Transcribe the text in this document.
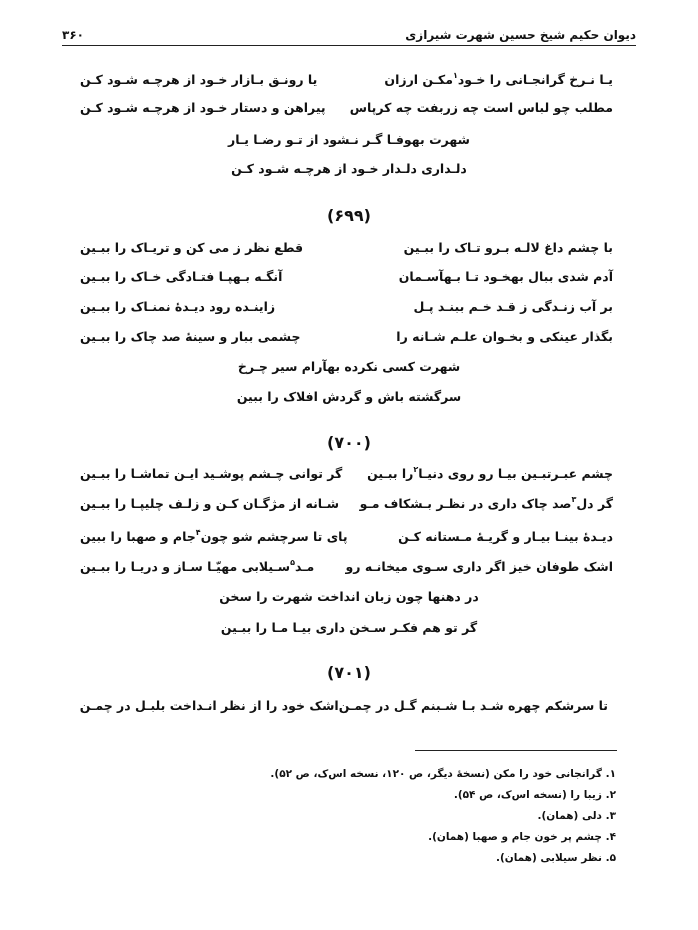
دیوان حکیم شیخ حسین شهرت شیرازی
۳۶۰
یـا نـرخ گرانجـانی را خـود$^۱$مکـن ارزان
یا رونـق بـازار خـود از هرچـه شـود کـن
مطلب چو لباس است چه زربفت چه کرپاس
پیراهن و دستار خـود از هرچـه شـود کـن
شهرت بهوفـا گـر نـشود از تـو رضـا یـار
دلـداری دلـدار خـود از هرچـه شـود کـن
(۶۹۹)
با چشم داغ لالـه بـرو تـاک را ببـین
قطع نظر ز می کن و تریـاک را ببـین
آدم شدی ببال بهخـود تـا بـهآسـمان
آنگـه بـهپـا فتـادگی خـاک را ببـین
بر آب زنـدگی ز قـد خـم ببنـد پـل
زاینـده رود دیـدهٔ نمنـاک را ببـین
بگذار عینکی و بخـوان علـم شـانه را
چشمی ببار و سینهٔ صد چاک را ببـین
شهرت کسی نکرده بهآرام سیر چـرخ
سرگشته باش و گردش افلاک را ببین
(۷۰۰)
چشم عبـرتبـین بیـا رو روی دنیـا$^۲$را ببـین
گر توانی چـشم پوشـید ایـن تماشـا را ببـین
گر دل$^۳$صد چاک داری در نظـر بـشکاف مـو
شـانه از مژگـان کـن و زلـف چلیپـا را ببـین
دیـدهٔ بینـا بیـار و گریـهٔ مـستانه کـن
پای تا سرچشم شو چون$^۴$جام و صهبا را ببین
اشک طوفان خیز اگر داری سـوی میخانـه رو
مـد$^۵$سـیلابی مهیّـا سـاز و دریـا را ببـین
در دهنها چون زبان انداخت شهرت را سخن
گر تو هم فکـر سـخن داری بیـا مـا را ببـین
(۷۰۱)
تا سرشکم چهره شـد بـا شـبنم گـل در چمـن
اشک خود را از نظر انـداخت بلبـل در چمـن
۱. گرانجانی خود را مکن (نسخهٔ دیگر، ص ۱۲۰، نسخه اس‌ک، ص ۵۲).
۲. زیبا را (نسخه اس‌ک، ص ۵۴).
۳. دلی (همان).
۴. چشم پر خون جام و صهبا (همان).
۵. نظر سیلابی (همان).
